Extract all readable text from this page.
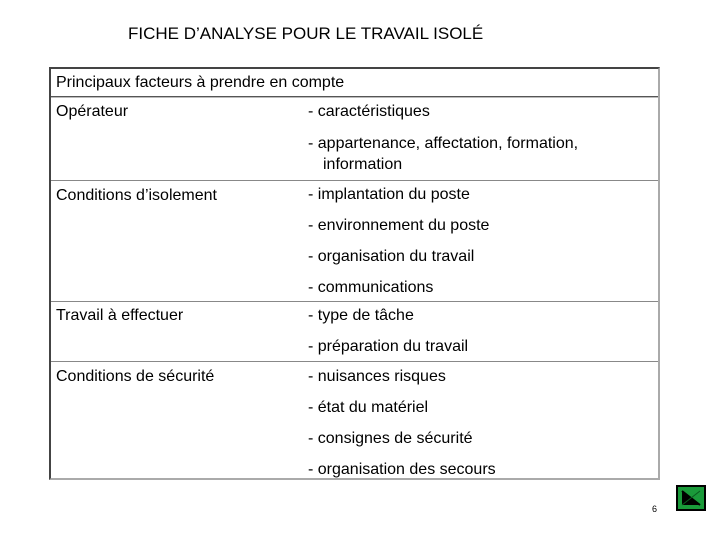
FICHE D’ANALYSE POUR LE TRAVAIL ISOLÉ
Principaux facteurs à prendre en compte
Opérateur	- caractéristiques
- appartenance, affectation, formation,
information
Conditions d’isolement	- implantation du poste
- environnement du poste
- organisation du travail
- communications
Travail à effectuer	- type de tâche
- préparation du travail
Conditions de sécurité	- nuisances risques
- état du matériel
- consignes de sécurité
- organisation des secours
6
